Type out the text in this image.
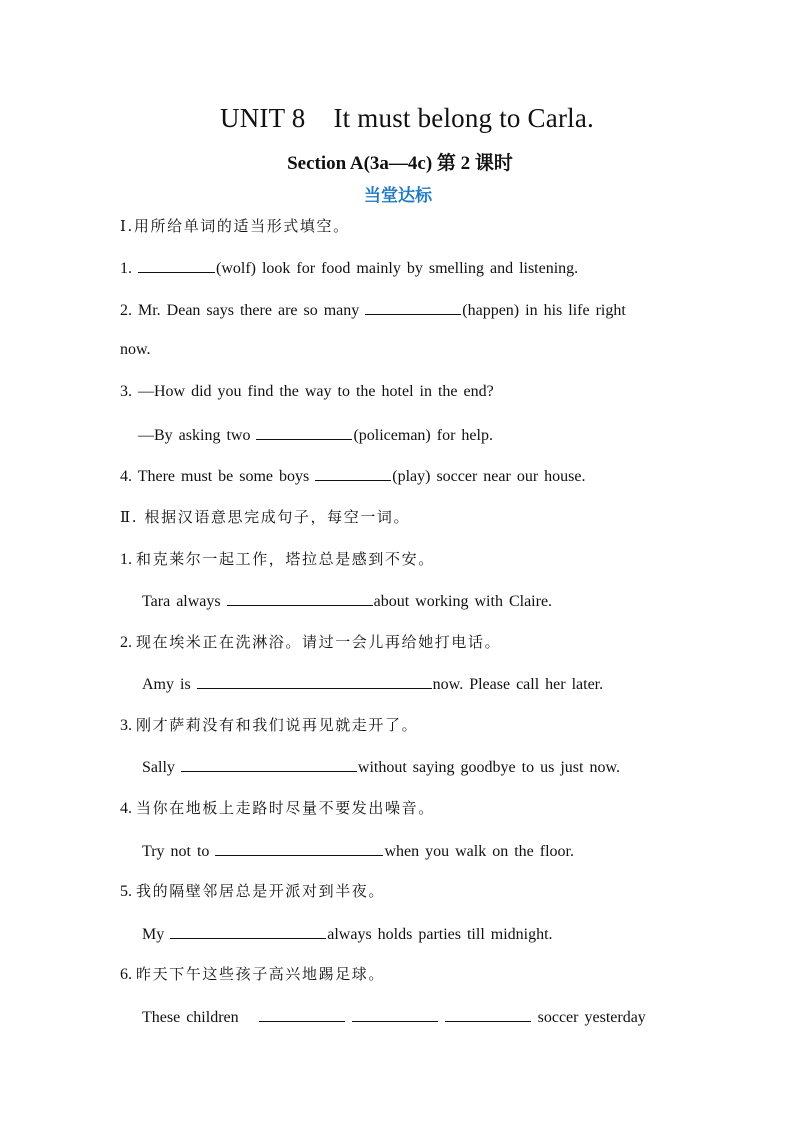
UNIT 8 It must belong to Carla.
Section A(3a—4c) 第 2 课时
当堂达标
Ⅰ.用所给单词的适当形式填空。
1.	(wolf) look for food mainly by smelling and listening.
2. Mr. Dean says there are so many	(happen) in his life right
now.
3. —How did you find the way to the hotel in the end?
—By asking two	(policeman) for help.
4. There must be some boys	(play) soccer near our house.
Ⅱ. 根据汉语意思完成句子，每空一词。
1. 和克莱尔一起工作，塔拉总是感到不安。
Tara always	about working with Claire.
2. 现在埃米正在洗淋浴。请过一会儿再给她打电话。
Amy is	now. Please call her later.
3. 刚才萨莉没有和我们说再见就走开了。
Sally	without saying goodbye to us just now.
4. 当你在地板上走路时尽量不要发出噪音。
Try not to	when you walk on the floor.
5. 我的隔壁邻居总是开派对到半夜。
My	always holds parties till midnight.
6. 昨天下午这些孩子高兴地踢足球。
These children	soccer yesterday
